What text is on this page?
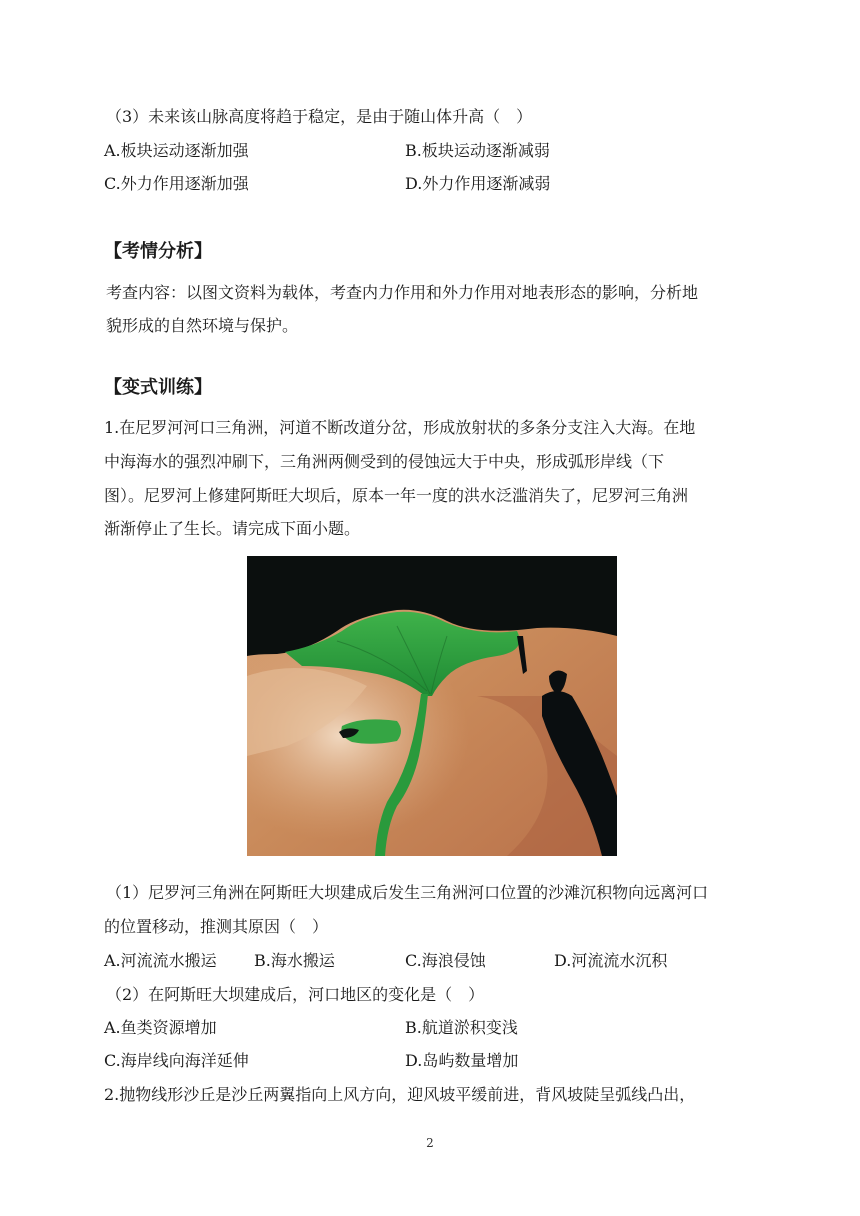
（3）未来该山脉高度将趋于稳定，是由于随山体升高（　）
A.板块运动逐渐加强	B.板块运动逐渐减弱
C.外力作用逐渐加强	D.外力作用逐渐减弱
【考情分析】
考查内容：以图文资料为载体，考查内力作用和外力作用对地表形态的影响，分析地
貌形成的自然环境与保护。
【变式训练】
1.在尼罗河河口三角洲，河道不断改道分岔，形成放射状的多条分支注入大海。在地
中海海水的强烈冲刷下，三角洲两侧受到的侵蚀远大于中央，形成弧形岸线（下
图）。尼罗河上修建阿斯旺大坝后，原本一年一度的洪水泛滥消失了，尼罗河三角洲
渐渐停止了生长。请完成下面小题。
（1）尼罗河三角洲在阿斯旺大坝建成后发生三角洲河口位置的沙滩沉积物向远离河口
的位置移动，推测其原因（　）
A.河流流水搬运 B.海水搬运	C.海浪侵蚀	D.河流流水沉积
（2）在阿斯旺大坝建成后，河口地区的变化是（　）
A.鱼类资源增加	B.航道淤积变浅
C.海岸线向海洋延伸	D.岛屿数量增加
2.抛物线形沙丘是沙丘两翼指向上风方向，迎风坡平缓前进，背风坡陡呈弧线凸出，
2
